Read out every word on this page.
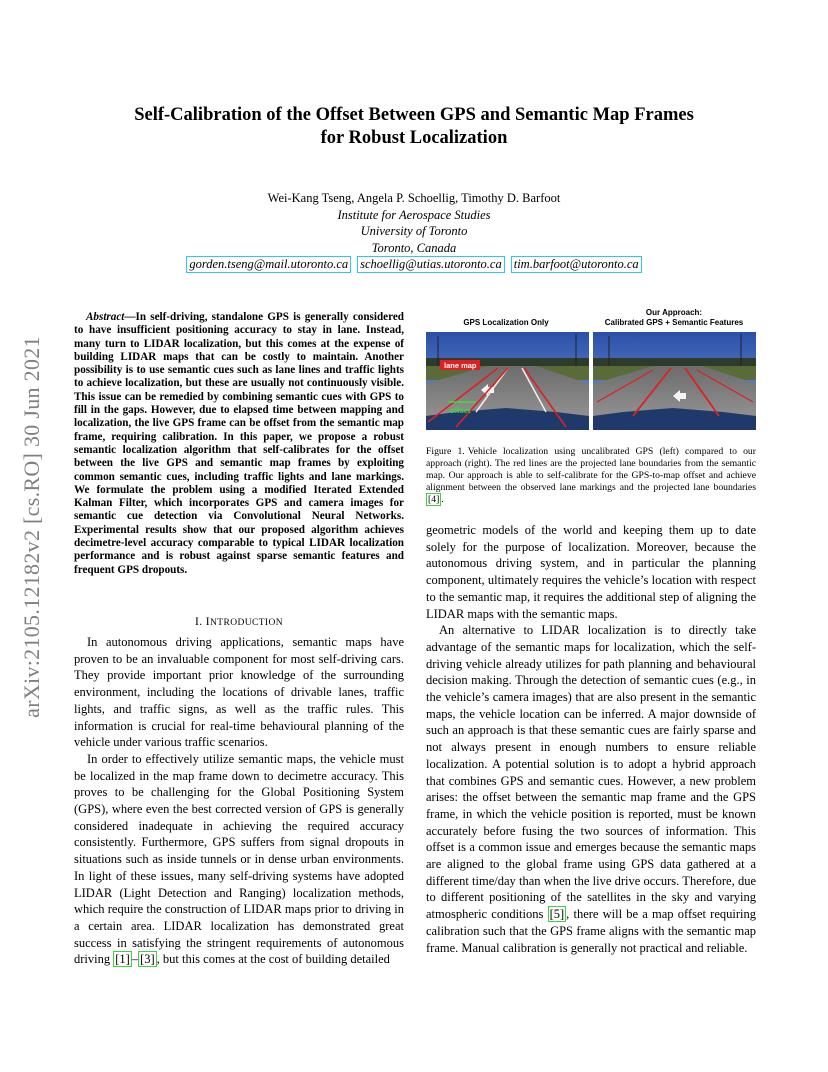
arXiv:2105.12182v2 [cs.RO] 30 Jun 2021
Self-Calibration of the Offset Between GPS and Semantic Map Frames
for Robust Localization
Wei-Kang Tseng, Angela P. Schoellig, Timothy D. Barfoot
Institute for Aerospace Studies
University of Toronto
Toronto, Canada
gorden.tseng@mail.utoronto.ca schoellig@utias.utoronto.ca tim.barfoot@utoronto.ca
Abstract—In self-driving, standalone GPS is generally considered to have insufficient positioning accuracy to stay in lane. Instead, many turn to LIDAR localization, but this comes at the expense of building LIDAR maps that can be costly to maintain. Another possibility is to use semantic cues such as lane lines and traffic lights to achieve localization, but these are usually not continuously visible. This issue can be remedied by combining semantic cues with GPS to fill in the gaps. However, due to elapsed time between mapping and localization, the live GPS frame can be offset from the semantic map frame, requiring calibration. In this paper, we propose a robust semantic localization algorithm that self-calibrates for the offset between the live GPS and semantic map frames by exploiting common semantic cues, including traffic lights and lane markings. We formulate the problem using a modified Iterated Extended Kalman Filter, which incorporates GPS and camera images for semantic cue detection via Convolutional Neural Networks. Experimental results show that our proposed algorithm achieves decimetre-level accuracy comparable to typical LIDAR localization performance and is robust against sparse semantic features and frequent GPS dropouts.
I. INTRODUCTION

In autonomous driving applications, semantic maps have proven to be an invaluable component for most self-driving cars. They provide important prior knowledge of the surrounding environment, including the locations of drivable lanes, traffic lights, and traffic signs, as well as the traffic rules. This information is crucial for real-time behavioural planning of the vehicle under various traffic scenarios.

In order to effectively utilize semantic maps, the vehicle must be localized in the map frame down to decimetre accuracy. This proves to be challenging for the Global Positioning System (GPS), where even the best corrected version of GPS is generally considered inadequate in achieving the required accuracy consistently. Furthermore, GPS suffers from signal dropouts in situations such as inside tunnels or in dense urban environments. In light of these issues, many self-driving systems have adopted LIDAR (Light Detection and Ranging) localization methods, which require the construction of LIDAR maps prior to driving in a certain area. LIDAR localization has demonstrated great success in satisfying the stringent requirements of autonomous driving [1] – [3] , but this comes at the cost of building detailed

GPS Localization Only
Our Approach:
Calibrated GPS + Semantic Features
lane map
offset
Figure 1. Vehicle localization using uncalibrated GPS (left) compared to our approach (right). The red lines are the projected lane boundaries from the semantic map. Our approach is able to self-calibrate for the GPS-to-map offset and achieve alignment between the observed lane markings and the projected lane boundaries [4] .

geometric models of the world and keeping them up to date solely for the purpose of localization. Moreover, because the autonomous driving system, and in particular the planning component, ultimately requires the vehicle’s location with respect to the semantic map, it requires the additional step of aligning the LIDAR maps with the semantic maps.

An alternative to LIDAR localization is to directly take advantage of the semantic maps for localization, which the self-driving vehicle already utilizes for path planning and behavioural decision making. Through the detection of semantic cues (e.g., in the vehicle’s camera images) that are also present in the semantic maps, the vehicle location can be inferred. A major downside of such an approach is that these semantic cues are fairly sparse and not always present in enough numbers to ensure reliable localization. A potential solution is to adopt a hybrid approach that combines GPS and semantic cues. However, a new problem arises: the offset between the semantic map frame and the GPS frame, in which the vehicle position is reported, must be known accurately before fusing the two sources of information. This offset is a common issue and emerges because the semantic maps are aligned to the global frame using GPS data gathered at a different time/day than when the live drive occurs. Therefore, due to different positioning of the satellites in the sky and varying atmospheric conditions [5] , there will be a map offset requiring calibration such that the GPS frame aligns with the semantic map frame. Manual calibration is generally not practical and reliable.
